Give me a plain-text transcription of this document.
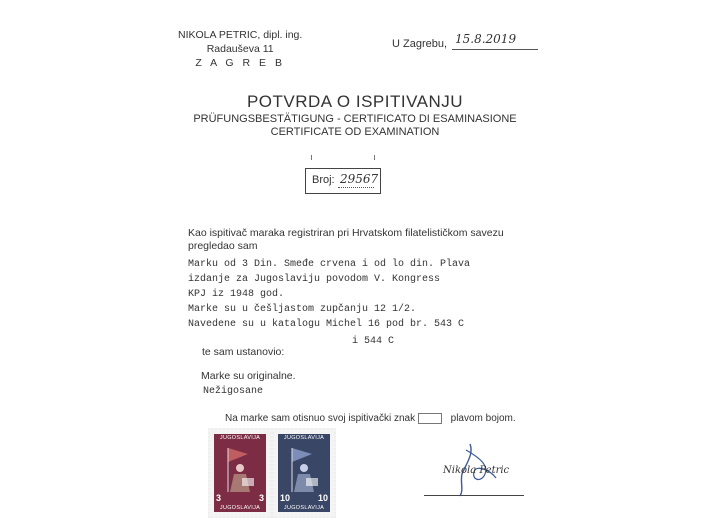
NIKOLA PETRIC, dipl. ing.
Radauševa 11
Z A G R E B
U Zagrebu, 15.8.2019
POTVRDA O ISPITIVANJU
PRÜFUNGSBESTÄTIGUNG - CERTIFICATO DI ESAMINASIONE
CERTIFICATE OD EXAMINATION
Broj: 29567
Kao ispitivač maraka registriran pri Hrvatskom filatelističkom savezu
pregledao sam
Marku od 3 Din. Smeđe crvena i od lo din. Plava
izdanje za Jugoslaviju povodom V. Kongress
KPJ iz 1948 god.
Marke su u češljastom zupčanju 12 1/2.
Navedene su u katalogu Michel 16 pod br. 543 C
i 544 C
te sam ustanovio:
Marke su originalne.
Nežigosane
Na marke sam otisnuo svoj ispitivački znak	plavom bojom.
JUGOSLAVIJA
3	3
JUGOSLAVIJA
JUGOSLAVIJA
10	10
JUGOSLAVIJA
Nikola Petric
